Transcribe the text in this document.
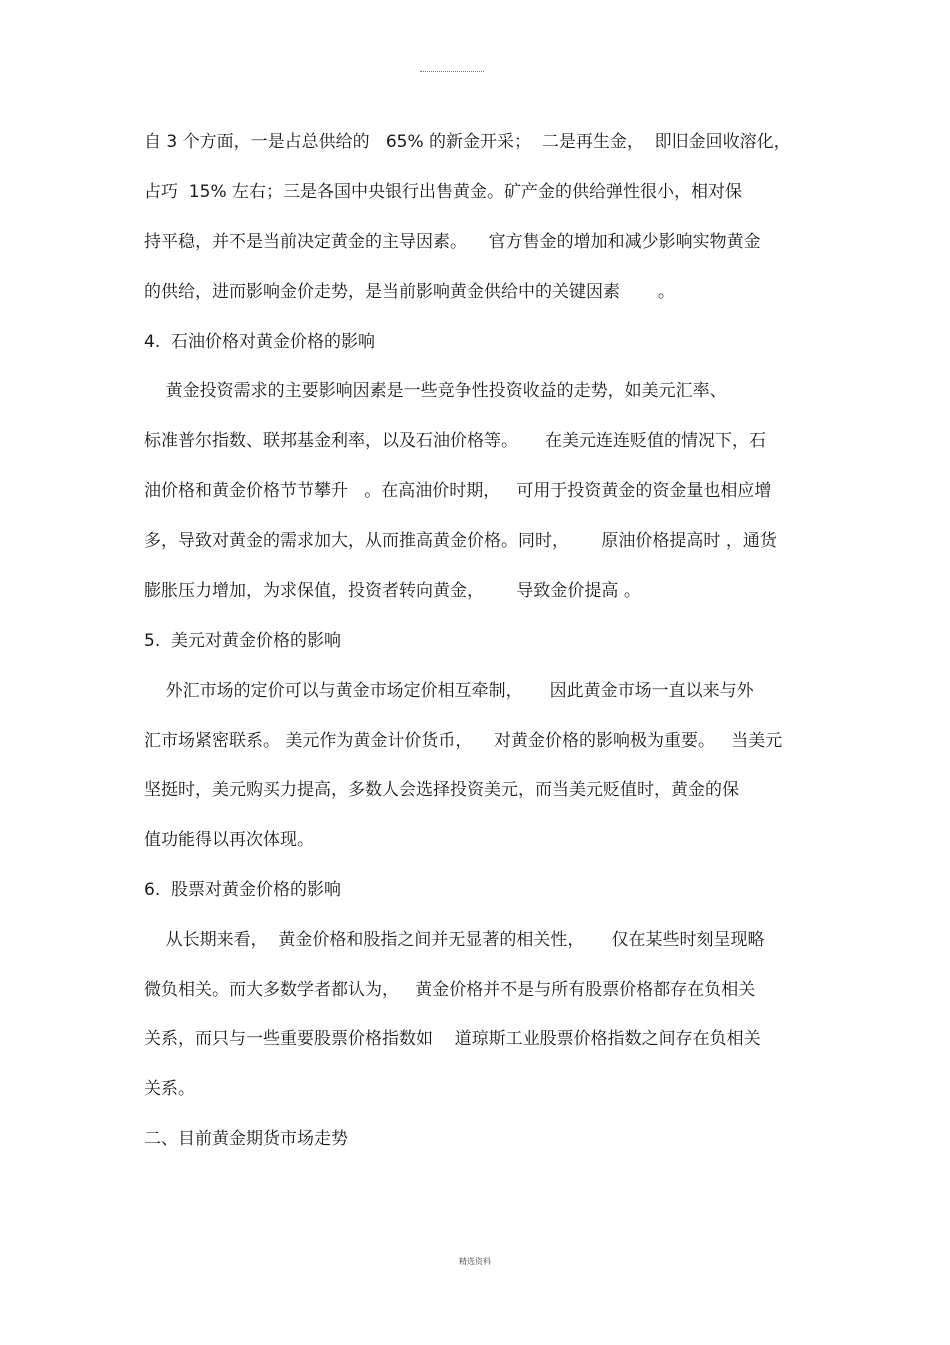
自 3 个方面，一是占总供给的   65% 的新金开采；  二是再生金，  即旧金回收溶化，
占巧  15% 左右；三是各国中央银行出售黄金。矿产金的供给弹性很小，相对保
持平稳，并不是当前决定黄金的主导因素。    官方售金的增加和减少影响实物黄金
的供给，进而影响金价走势，是当前影响黄金供给中的关键因素       。
4.  石油价格对黄金价格的影响
黄金投资需求的主要影响因素是一些竞争性投资收益的走势，如美元汇率、
标准普尔指数、联邦基金利率，以及石油价格等。     在美元连连贬值的情况下，石
油价格和黄金价格节节攀升   。在高油价时期，   可用于投资黄金的资金量也相应增
多，导致对黄金的需求加大，从而推高黄金价格。同时，      原油价格提高时 ，通货
膨胀压力增加，为求保值，投资者转向黄金，      导致金价提高 。
5.  美元对黄金价格的影响
外汇市场的定价可以与黄金市场定价相互牵制，     因此黄金市场一直以来与外
汇市场紧密联系。 美元作为黄金计价货币，    对黄金价格的影响极为重要。   当美元
坚挺时，美元购买力提高，多数人会选择投资美元，而当美元贬值时，黄金的保
值功能得以再次体现。
6.  股票对黄金价格的影响
从长期来看，  黄金价格和股指之间并无显著的相关性，     仅在某些时刻呈现略
微负相关。而大多数学者都认为，   黄金价格并不是与所有股票价格都存在负相关
关系，而只与一些重要股票价格指数如    道琼斯工业股票价格指数之间存在负相关
关系。
二、目前黄金期货市场走势
精选资料
